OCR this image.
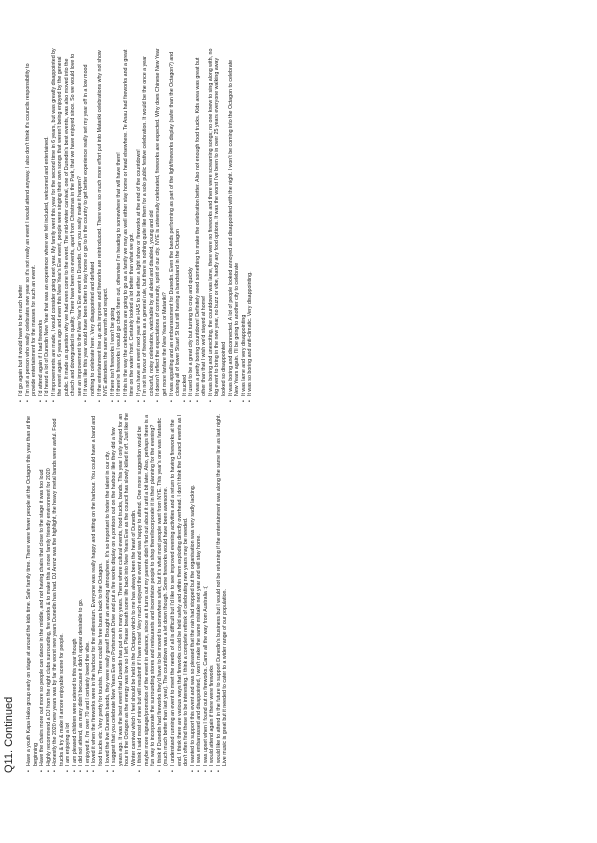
Q11. Continued • Have a youth Kapa Haka group early on stage at around the kids time. Safe family time. There were fewer people at the Octagon this year than at the beginning • Have the chairs more out more so people can dance in the middle, and not having chairs that close to the stage it was too loud • Highly recommend a DJ from the night clubs surrounding, fire works & to make this a more family friendly environment for 2020 • Honestly the 2020 new years was by far the worst new years Dunedin has had. DJ Arenz was the highlight, the heavy metal bands were awful. Food trucks & try & make it amore enjoyable scene for people. • I am enjoying a lot • I am pleased children were catered to this year though • I did not attend, as many didn't because it didn't appear desirable to go. • I enjoyed it. I'm over 70 and I certainly loved the vibe. • I loved it when the fireworks were in the harbour for the millennium. Everyone was really happy and sitting on the harbour. You could have a band and food trucks etc. Very pretty for tourists. There could be free buses back to the Octagon. • I loved the live Dunedin bands, they were really great!! Brought an amazing atmosphere. It's so important to foster the talent in our city. • I suggest that you celebrate New Years Eve on Portsmouth Drive and put a fire works display on a pontoon out on the harbour like they did a few years ago. It was the best event that Dunedin has put on in many years. There where cultural events, food trucks, bands. This year I only stayed for an hour in the Octagon as the energy was low so I left. Please breath some life back into New Years Eve as the council has slowly killed it off. Just like the Winter carnival which I feel should be held in the Octagon which to me has always been the heart of Dunedin. • I think I said most of mine but will resubmit if I have more! Very much enjoyed the event and was happy to attend. One more suggestion would be maybe more signage/promotion of the event in advance, since as it turns out my parents didn't find out about it until a bit later. Also, perhaps there is a fun way to incorporate the surrounding stores and restaurants and incentivize people to shop there/incorporate it in their planning for the evening? • I think if Dunedin had fireworks they'd have to be moved to somewhere safer, but it's what most people want from NYE. This year's one was fantastic (much much better than last year). The countdown was a let down though. Some fireworks would have been awesome. • I understand running an event to meet the needs of all is difficult but I'd like to see improved evening activities and a return to having fireworks at the end. I think there are various ways that fireworks could be held safely and within them exploding directly overhead. I don't think the Council events as I don't often find these to be interesting. I think a complete rethink of celebrating new years may be needed. • I wanted to support this event and was so pleased that the rain had stopped but the organisation was very sadly lacking. • I was embarrassed and disappointed, I won't make the same mistake next year and will stay home. • I was upset when I found out no fireworks. Came all the way from Australia :( • I would attend again if there were fireworks • I would like to attend in the future to support Dunedin's business but I would not be returning if the entertainment was along the same line as last night. Live music is great but it needed to cater to a wider range of our population.
• I'd go again but it would have to be much better • I'm not a person who really celebrates new year so it's not really an event I would attend anyway. I also don't think it's councils responsibility to provide entertainment for the masses for such an event. • I'd attend again if I had fireworks • I'd heard a lot of Dunedin New Year that was an experience where we felt included, welcomed and entertained. • If improvements are made, I would consider going next year. My family went this year for the second time in 6 years, but was greatly disappointed by the event again. 6 years ago and even this New Year's Eve event, people were singing their own songs that weren't being enjoyed by the general public. It made us question why we had even come to the event. The mid-winter carnival, one of Dunedin's best events, was also moved into the church and downgraded in quality. There have been no events, apart from Christmas in the Park, that we have enjoyed since. So we would love to see an improvement to the New Year's Eve event in Dunedin. Can you really make it happen? • If it was like this year would have been better to stay home or go to in the country to get better experience really set my year off in a low mood nothing to celebrate here. Very disappointed and deflated • If the entertainment line up acts improve and fireworks are reintroduced. There was so much more effort put into Matariki celebrations why not show NYE attendees the same warmth and respect. • If there isn't fireworks I won't be going • If there're fireworks I would go check them out, otherwise I'm heading to somewhere that will have them! • If this is the way the celebrations are going to go as a family we may as well either stay home or head elsewhere. Te Anau had fireworks and a great time on the water front. Certainly looked a lot better than what we got. • If you have an event next year the HAS to be either a light show or fireworks at the end of the countdown! • I'm not in favour of fireworks as a general rule, but there is nothing quite like them for a solo public festive celebration. It would be the once a year colourful, noisy celebration, watchable by all abled and disabled, young and old • It doesn't reflect the expectations of community, spirit of our city. NYE is universally celebrated, fireworks are expected. Why does Chinese New Year get more fanfare the New Years or Matariki? • It was appalling and an embarrassment for Dunedin. Even the bands performing as part of the light/fireworks display (safer than the Octagon?) and closing all of lower Stuart St but still having a bandstand in the Octagon • It sucked • It used to be a great city but turning to crap and quickly • It was a pretty boring countdown! Definitely need something to make the celebration better. Also not enough food trucks. Kids area was great but other than that I wish we'd stayed at home! • It was boring and unexciting, the countdown was lame, there were no fireworks and there were screaming songs; no one knew to sing along with, no big event to bring in the new year, no buzz or vibe, hardly any food options. It was the worst I've been to in over 25 years everyone walking away looked so disappointed • It was boring and disconnected. A lot of people looked annoyed and disappointed with the night. I won't be coming into the Octagon to celebrate New Years again. I'll be going to another city to celebrate • It was lame and very disappointing • It was so boring and anti-climatic. Very disappointing.
